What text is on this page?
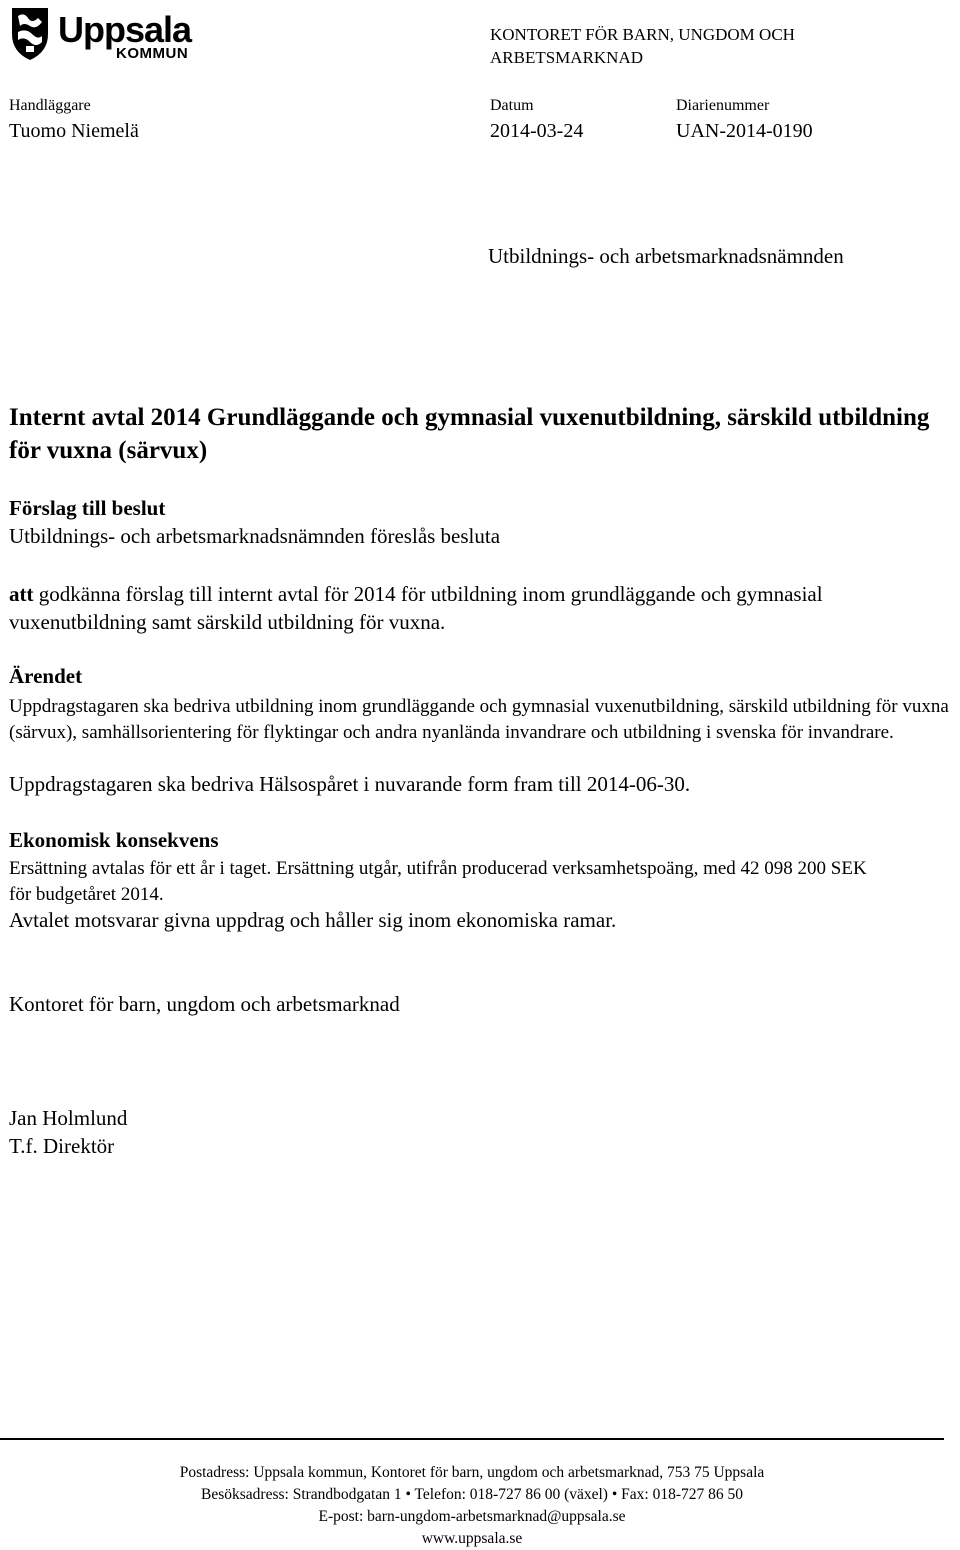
Uppsala
KOMMUN
KONTORET FÖR BARN, UNGDOM OCH ARBETSMARKNAD
Handläggare
Tuomo Niemelä
Datum
2014-03-24
Diarienummer
UAN-2014-0190
Utbildnings- och arbetsmarknadsnämnden
Internt avtal 2014 Grundläggande och gymnasial vuxenutbildning, särskild utbildning för vuxna (särvux)
Förslag till beslut
Utbildnings- och arbetsmarknadsnämnden föreslås besluta
att godkänna förslag till internt avtal för 2014 för utbildning inom grundläggande och gymnasial vuxenutbildning samt särskild utbildning för vuxna.
Ärendet
Uppdragstagaren ska bedriva utbildning inom grundläggande och gymnasial vuxenutbildning, särskild utbildning för vuxna (särvux), samhällsorientering för flyktingar och andra nyanlända invandrare och utbildning i svenska för invandrare.
Uppdragstagaren ska bedriva Hälsospåret i nuvarande form fram till 2014-06-30.
Ekonomisk konsekvens
Ersättning avtalas för ett år i taget. Ersättning utgår, utifrån producerad verksamhetspoäng, med 42 098 200 SEK för budgetåret 2014.
Avtalet motsvarar givna uppdrag och håller sig inom ekonomiska ramar.
Kontoret för barn, ungdom och arbetsmarknad
Jan Holmlund
T.f. Direktör
Postadress: Uppsala kommun, Kontoret för barn, ungdom och arbetsmarknad, 753 75 Uppsala
Besöksadress: Strandbodgatan 1 • Telefon: 018-727 86 00 (växel) • Fax: 018-727 86 50
E-post: barn-ungdom-arbetsmarknad@uppsala.se
www.uppsala.se
